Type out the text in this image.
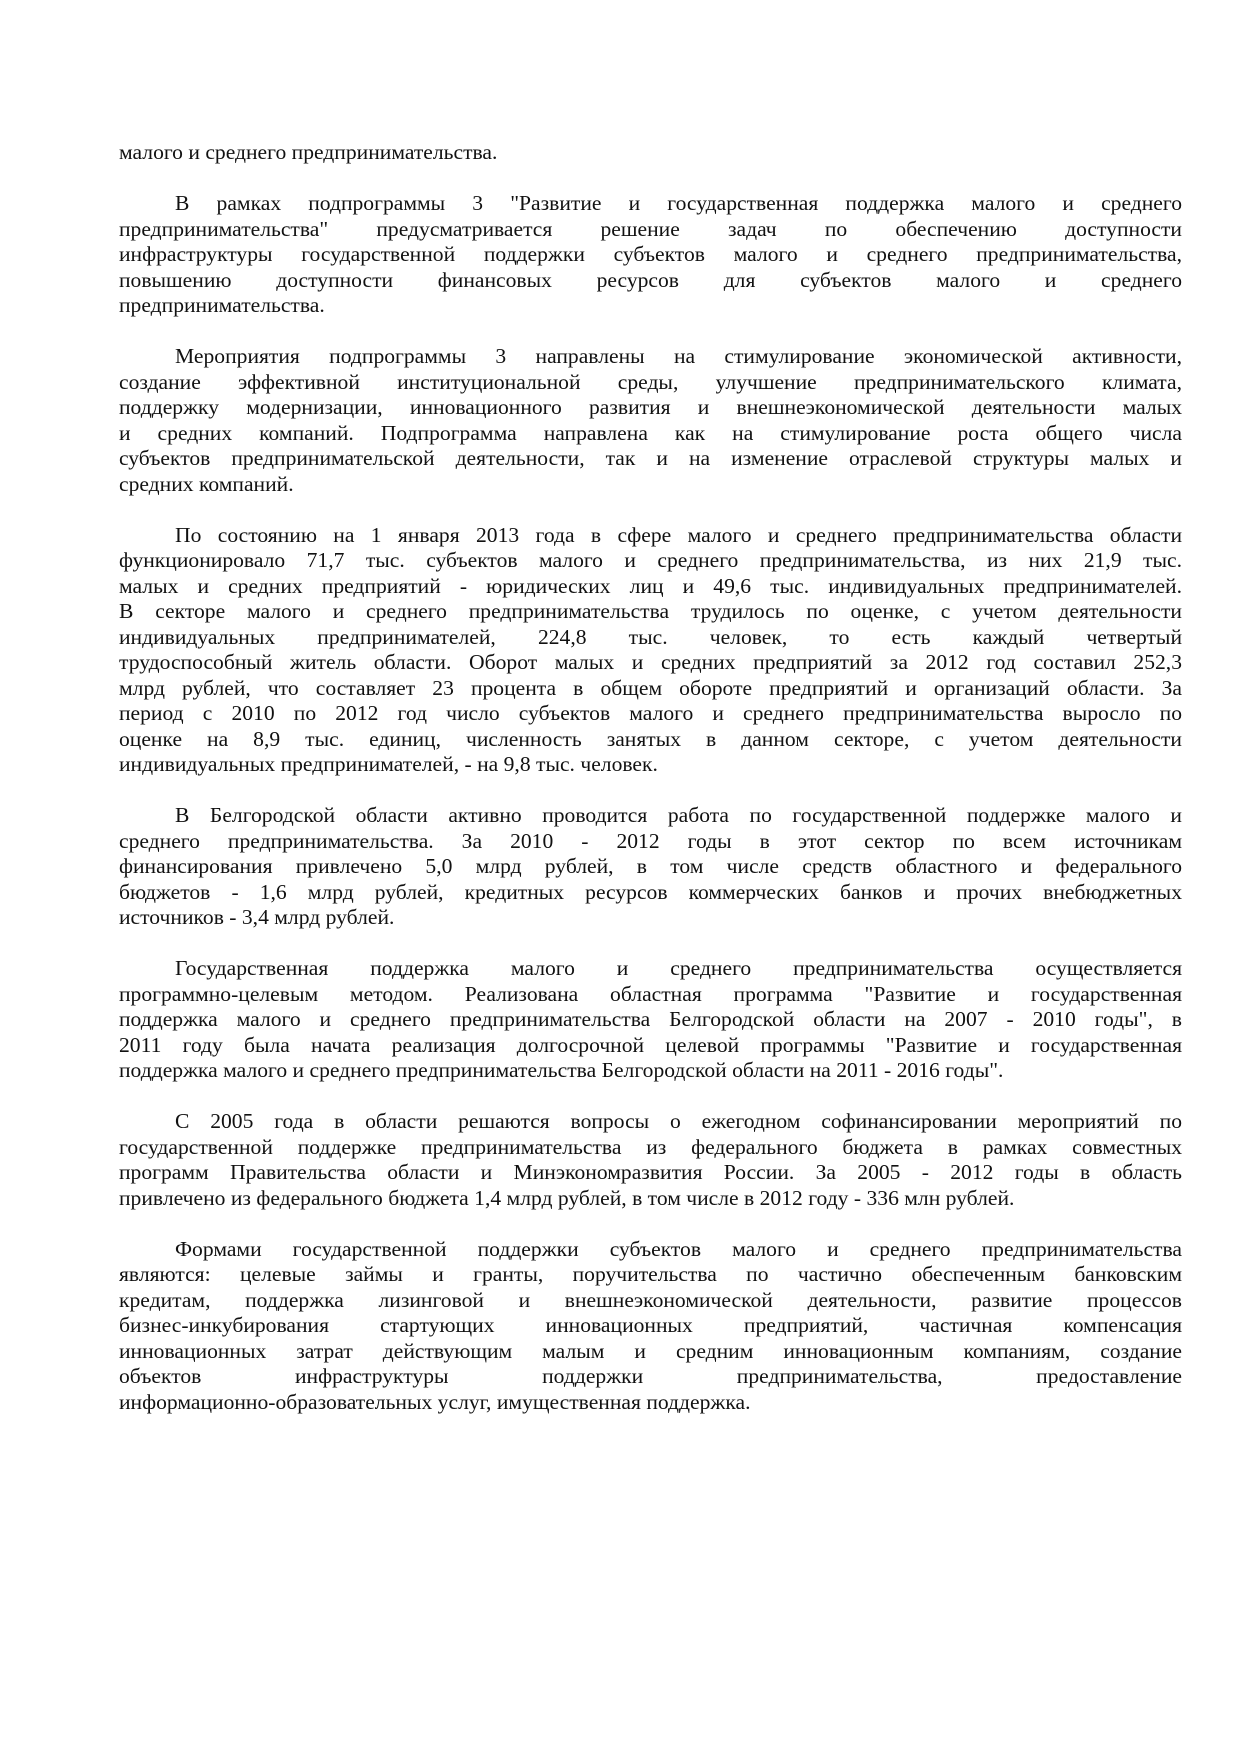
малого и среднего предпринимательства.
В рамках подпрограммы 3 "Развитие и государственная поддержка малого и среднего
предпринимательства" предусматривается решение задач по обеспечению доступности
инфраструктуры государственной поддержки субъектов малого и среднего предпринимательства,
повышению доступности финансовых ресурсов для субъектов малого и среднего
предпринимательства.
Мероприятия подпрограммы 3 направлены на стимулирование экономической активности,
создание эффективной институциональной среды, улучшение предпринимательского климата,
поддержку модернизации, инновационного развития и внешнеэкономической деятельности малых
и средних компаний. Подпрограмма направлена как на стимулирование роста общего числа
субъектов предпринимательской деятельности, так и на изменение отраслевой структуры малых и
средних компаний.
По состоянию на 1 января 2013 года в сфере малого и среднего предпринимательства области
функционировало 71,7 тыс. субъектов малого и среднего предпринимательства, из них 21,9 тыс.
малых и средних предприятий - юридических лиц и 49,6 тыс. индивидуальных предпринимателей.
В секторе малого и среднего предпринимательства трудилось по оценке, с учетом деятельности
индивидуальных предпринимателей, 224,8 тыс. человек, то есть каждый четвертый
трудоспособный житель области. Оборот малых и средних предприятий за 2012 год составил 252,3
млрд рублей, что составляет 23 процента в общем обороте предприятий и организаций области. За
период с 2010 по 2012 год число субъектов малого и среднего предпринимательства выросло по
оценке на 8,9 тыс. единиц, численность занятых в данном секторе, с учетом деятельности
индивидуальных предпринимателей, - на 9,8 тыс. человек.
В Белгородской области активно проводится работа по государственной поддержке малого и
среднего предпринимательства. За 2010 - 2012 годы в этот сектор по всем источникам
финансирования привлечено 5,0 млрд рублей, в том числе средств областного и федерального
бюджетов - 1,6 млрд рублей, кредитных ресурсов коммерческих банков и прочих внебюджетных
источников - 3,4 млрд рублей.
Государственная поддержка малого и среднего предпринимательства осуществляется
программно-целевым методом. Реализована областная программа "Развитие и государственная
поддержка малого и среднего предпринимательства Белгородской области на 2007 - 2010 годы", в
2011 году была начата реализация долгосрочной целевой программы "Развитие и государственная
поддержка малого и среднего предпринимательства Белгородской области на 2011 - 2016 годы".
С 2005 года в области решаются вопросы о ежегодном софинансировании мероприятий по
государственной поддержке предпринимательства из федерального бюджета в рамках совместных
программ Правительства области и Минэкономразвития России. За 2005 - 2012 годы в область
привлечено из федерального бюджета 1,4 млрд рублей, в том числе в 2012 году - 336 млн рублей.
Формами государственной поддержки субъектов малого и среднего предпринимательства
являются: целевые займы и гранты, поручительства по частично обеспеченным банковским
кредитам, поддержка лизинговой и внешнеэкономической деятельности, развитие процессов
бизнес-инкубирования стартующих инновационных предприятий, частичная компенсация
инновационных затрат действующим малым и средним инновационным компаниям, создание
объектов инфраструктуры поддержки предпринимательства, предоставление
информационно-образовательных услуг, имущественная поддержка.
